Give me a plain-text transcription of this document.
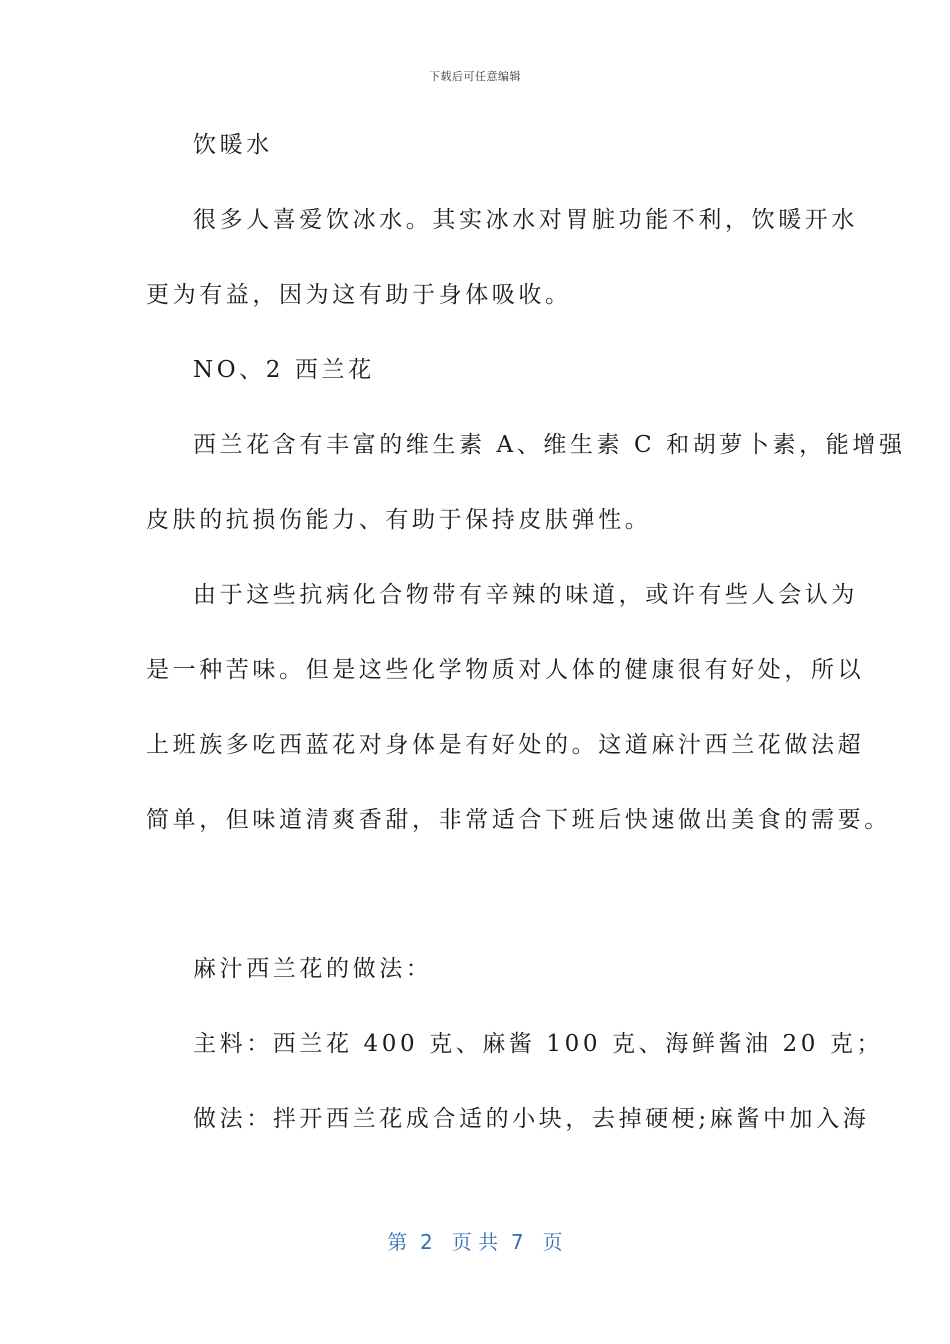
下载后可任意编辑
饮暖水
很多人喜爱饮冰水。其实冰水对胃脏功能不利，饮暖开水
更为有益，因为这有助于身体吸收。
NO、2 西兰花
西兰花含有丰富的维生素 A、维生素 C 和胡萝卜素，能增强
皮肤的抗损伤能力、有助于保持皮肤弹性。
由于这些抗病化合物带有辛辣的味道，或许有些人会认为
是一种苦味。但是这些化学物质对人体的健康很有好处，所以
上班族多吃西蓝花对身体是有好处的。这道麻汁西兰花做法超
简单，但味道清爽香甜，非常适合下班后快速做出美食的需要。
麻汁西兰花的做法：
主料：西兰花 400 克、麻酱 100 克、海鲜酱油 20 克；
做法：拌开西兰花成合适的小块，去掉硬梗;麻酱中加入海
第  2   页 共  7   页
